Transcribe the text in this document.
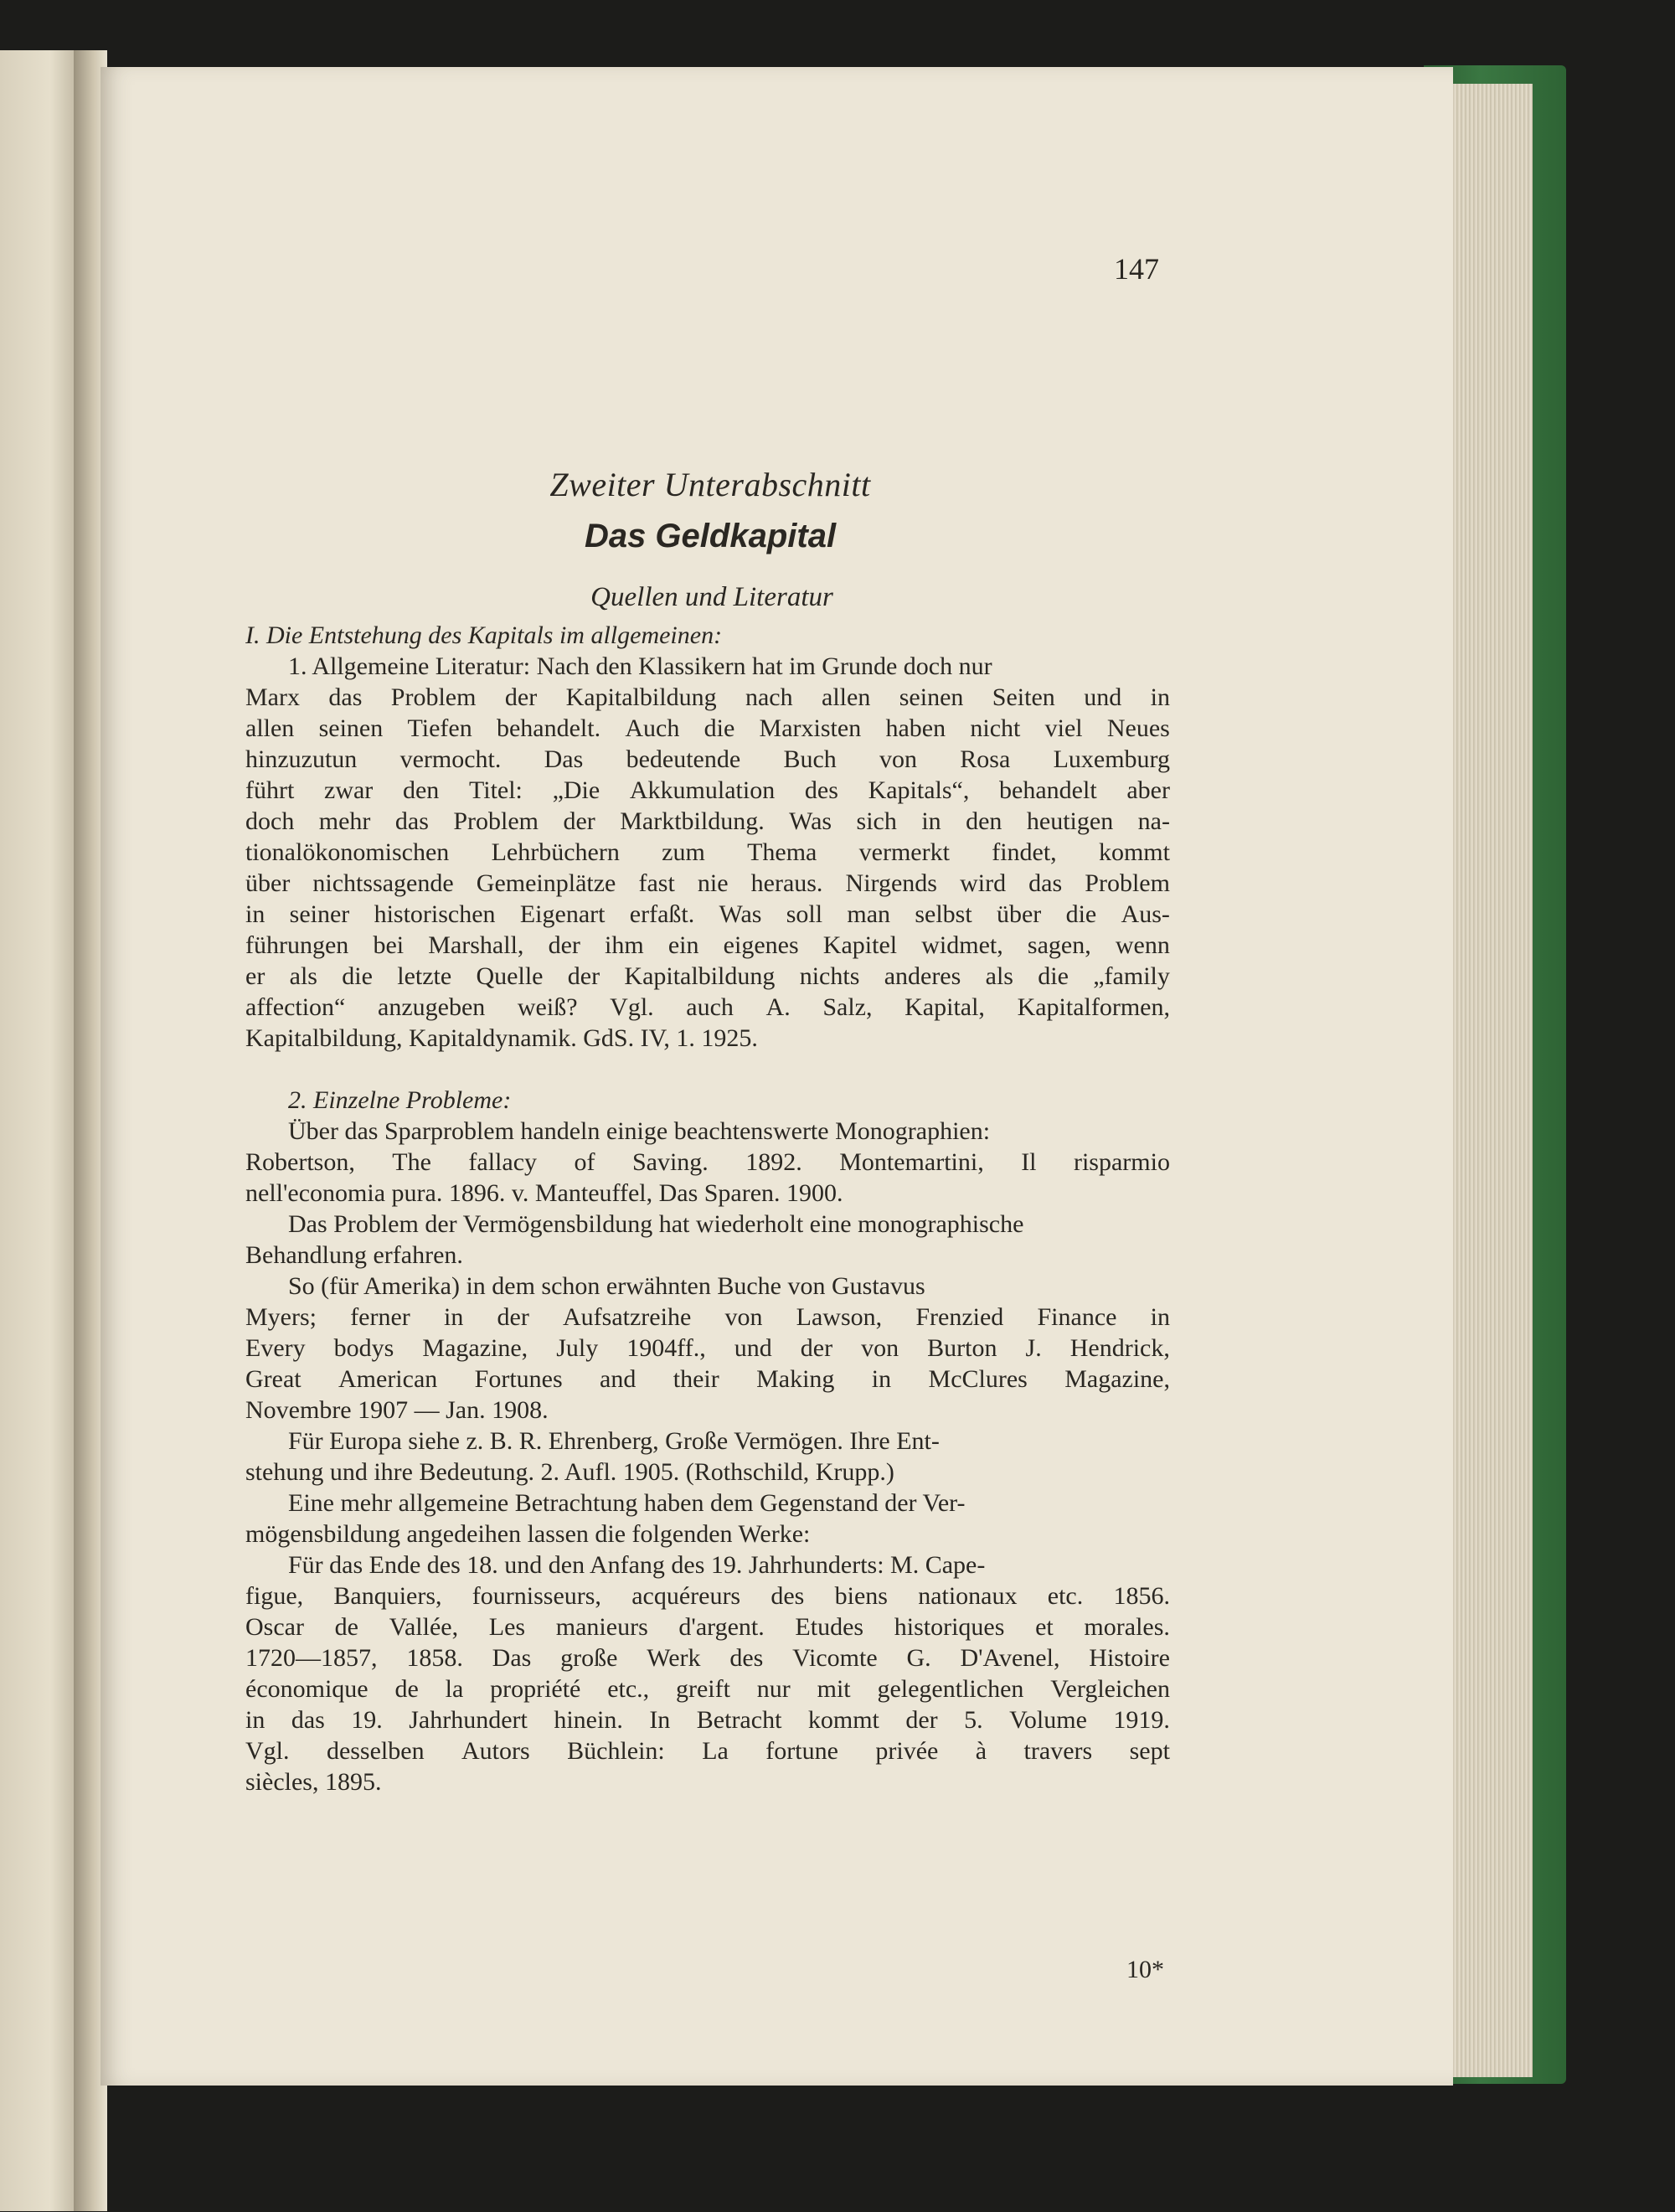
147
Zweiter Unterabschnitt
Das Geldkapital
Quellen und Literatur
I. Die Entstehung des Kapitals im allgemeinen:
1. Allgemeine Literatur: Nach den Klassikern hat im Grunde doch nur
Marx das Problem der Kapitalbildung nach allen seinen Seiten und in
allen seinen Tiefen behandelt. Auch die Marxisten haben nicht viel Neues
hinzuzutun vermocht. Das bedeutende Buch von Rosa Luxemburg
führt zwar den Titel: „Die Akkumulation des Kapitals“, behandelt aber
doch mehr das Problem der Marktbildung. Was sich in den heutigen na-
tionalökonomischen Lehrbüchern zum Thema vermerkt findet, kommt
über nichtssagende Gemeinplätze fast nie heraus. Nirgends wird das Problem
in seiner historischen Eigenart erfaßt. Was soll man selbst über die Aus-
führungen bei Marshall, der ihm ein eigenes Kapitel widmet, sagen, wenn
er als die letzte Quelle der Kapitalbildung nichts anderes als die „family
affection“ anzugeben weiß? Vgl. auch A. Salz, Kapital, Kapitalformen,
Kapitalbildung, Kapitaldynamik. GdS. IV, 1. 1925.
2. Einzelne Probleme:
Über das Sparproblem handeln einige beachtenswerte Monographien:
Robertson, The fallacy of Saving. 1892. Montemartini, Il risparmio
nell'economia pura. 1896. v. Manteuffel, Das Sparen. 1900.
Das Problem der Vermögensbildung hat wiederholt eine monographische
Behandlung erfahren.
So (für Amerika) in dem schon erwähnten Buche von Gustavus
Myers; ferner in der Aufsatzreihe von Lawson, Frenzied Finance in
Every bodys Magazine, July 1904ff., und der von Burton J. Hendrick,
Great American Fortunes and their Making in McClures Magazine,
Novembre 1907 — Jan. 1908.
Für Europa siehe z. B. R. Ehrenberg, Große Vermögen. Ihre Ent-
stehung und ihre Bedeutung. 2. Aufl. 1905. (Rothschild, Krupp.)
Eine mehr allgemeine Betrachtung haben dem Gegenstand der Ver-
mögensbildung angedeihen lassen die folgenden Werke:
Für das Ende des 18. und den Anfang des 19. Jahrhunderts: M. Cape-
figue, Banquiers, fournisseurs, acquéreurs des biens nationaux etc. 1856.
Oscar de Vallée, Les manieurs d'argent. Etudes historiques et morales.
1720—1857, 1858. Das große Werk des Vicomte G. D'Avenel, Histoire
économique de la propriété etc., greift nur mit gelegentlichen Vergleichen
in das 19. Jahrhundert hinein. In Betracht kommt der 5. Volume 1919.
Vgl. desselben Autors Büchlein: La fortune privée à travers sept
siècles, 1895.
10*
